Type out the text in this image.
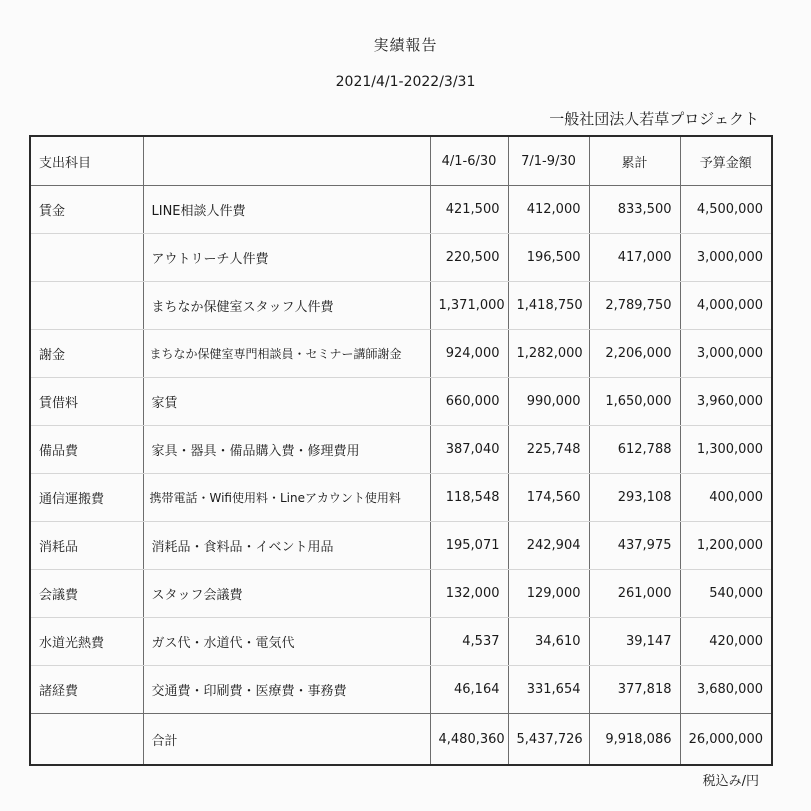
実績報告
2021/4/1-2022/3/31
一般社団法人若草プロジェクト
支出科目		4/1-6/30	7/1-9/30	累計	予算金額
賃金	LINE相談人件費	421,500	412,000	833,500	4,500,000
	アウトリーチ人件費	220,500	196,500	417,000	3,000,000
	まちなか保健室スタッフ人件費	1,371,000	1,418,750	2,789,750	4,000,000
謝金	まちなか保健室専門相談員・セミナー講師謝金	924,000	1,282,000	2,206,000	3,000,000
賃借料	家賃	660,000	990,000	1,650,000	3,960,000
備品費	家具・器具・備品購入費・修理費用	387,040	225,748	612,788	1,300,000
通信運搬費	携帯電話・Wifi使用料・Lineアカウント使用料	118,548	174,560	293,108	400,000
消耗品	消耗品・食料品・イベント用品	195,071	242,904	437,975	1,200,000
会議費	スタッフ会議費	132,000	129,000	261,000	540,000
水道光熱費	ガス代・水道代・電気代	4,537	34,610	39,147	420,000
諸経費	交通費・印刷費・医療費・事務費	46,164	331,654	377,818	3,680,000
	合計	4,480,360	5,437,726	9,918,086	26,000,000
税込み/円
